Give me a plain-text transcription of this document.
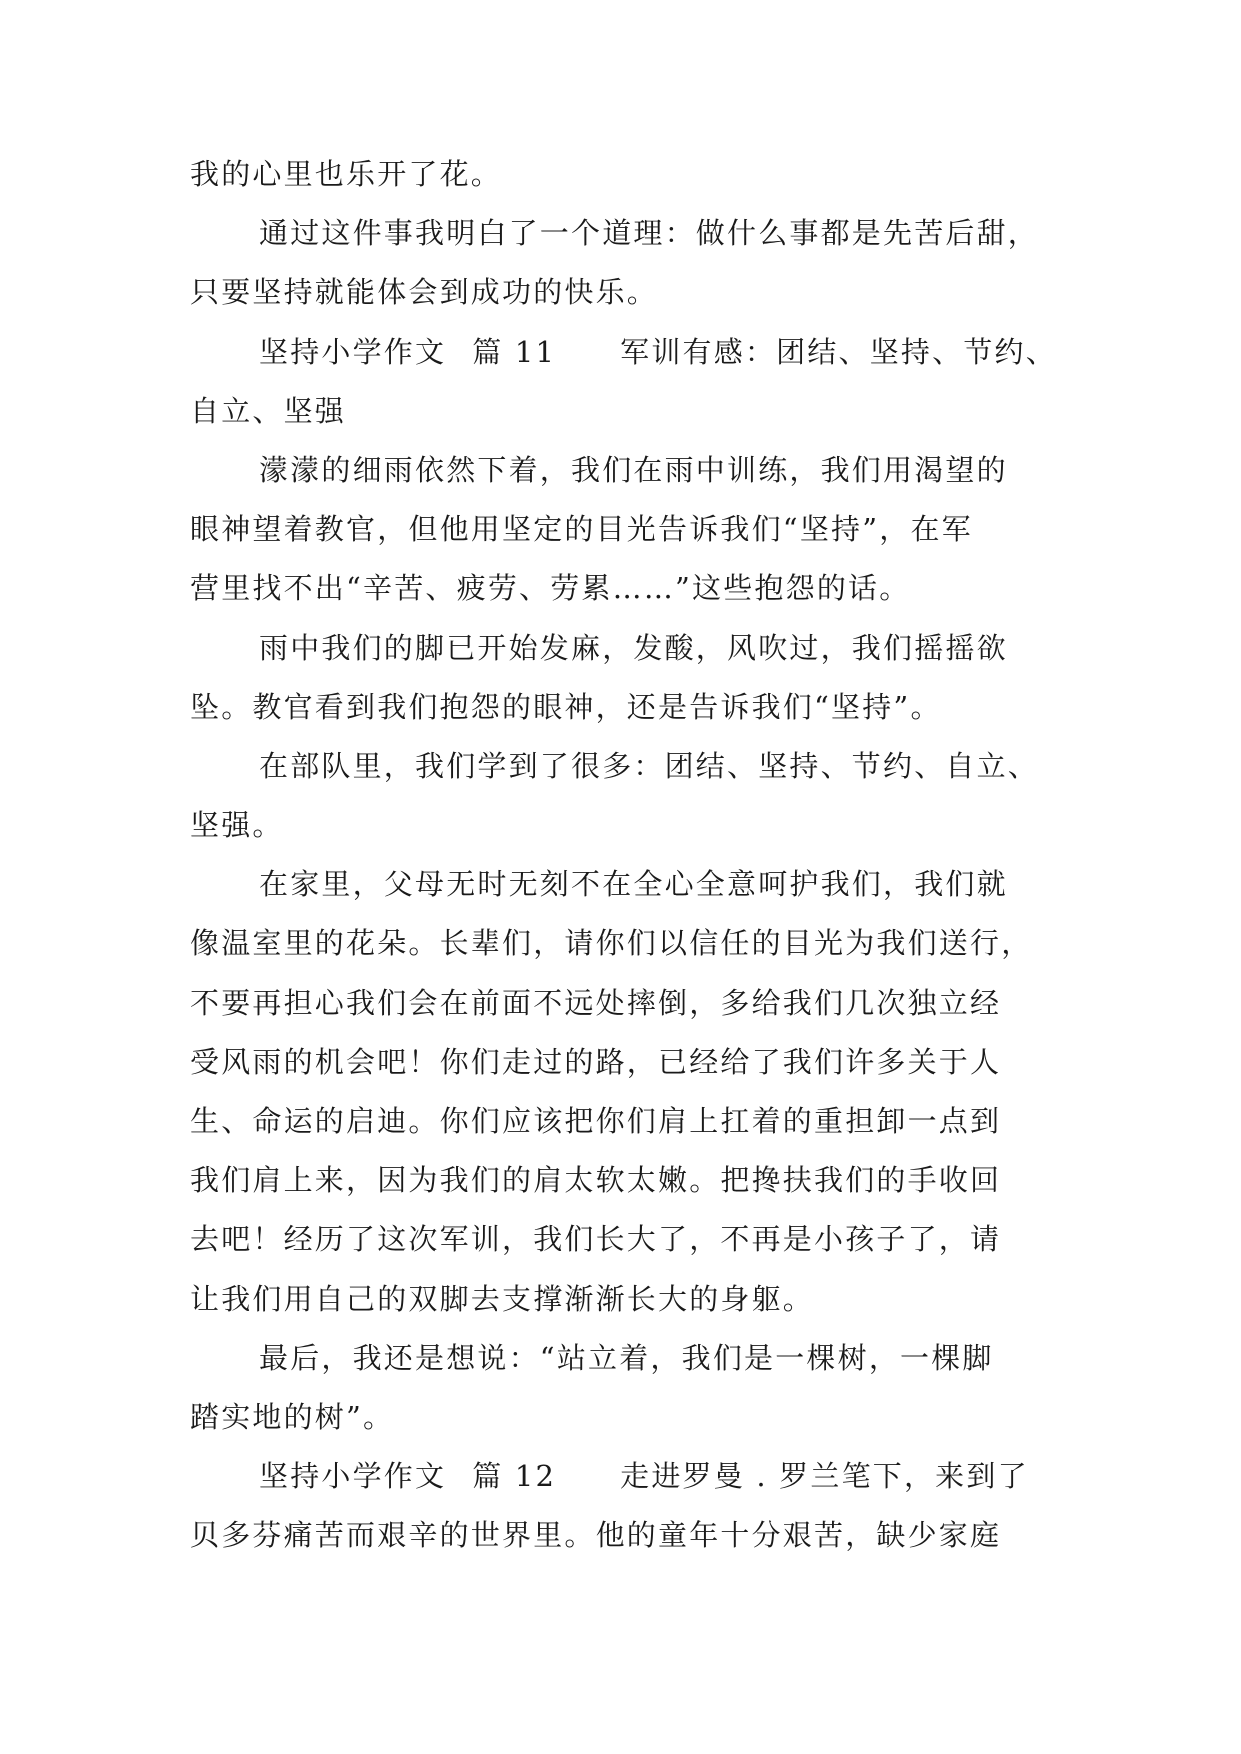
我的心里也乐开了花。
通过这件事我明白了一个道理：做什么事都是先苦后甜，
只要坚持就能体会到成功的快乐。
坚持小学作文 篇 11 军训有感：团结、坚持、节约、
自立、坚强
濛濛的细雨依然下着，我们在雨中训练，我们用渴望的
眼神望着教官，但他用坚定的目光告诉我们“坚持”，在军
营里找不出“辛苦、疲劳、劳累……”这些抱怨的话。
雨中我们的脚已开始发麻，发酸，风吹过，我们摇摇欲
坠。教官看到我们抱怨的眼神，还是告诉我们“坚持”。
在部队里，我们学到了很多：团结、坚持、节约、自立、
坚强。
在家里，父母无时无刻不在全心全意呵护我们，我们就
像温室里的花朵。长辈们，请你们以信任的目光为我们送行，
不要再担心我们会在前面不远处摔倒，多给我们几次独立经
受风雨的机会吧！你们走过的路，已经给了我们许多关于人
生、命运的启迪。你们应该把你们肩上扛着的重担卸一点到
我们肩上来，因为我们的肩太软太嫩。把搀扶我们的手收回
去吧！经历了这次军训，我们长大了，不再是小孩子了，请
让我们用自己的双脚去支撑渐渐长大的身躯。
最后，我还是想说：“站立着，我们是一棵树，一棵脚
踏实地的树”。
坚持小学作文 篇 12 走进罗曼 . 罗兰笔下，来到了
贝多芬痛苦而艰辛的世界里。他的童年十分艰苦，缺少家庭
